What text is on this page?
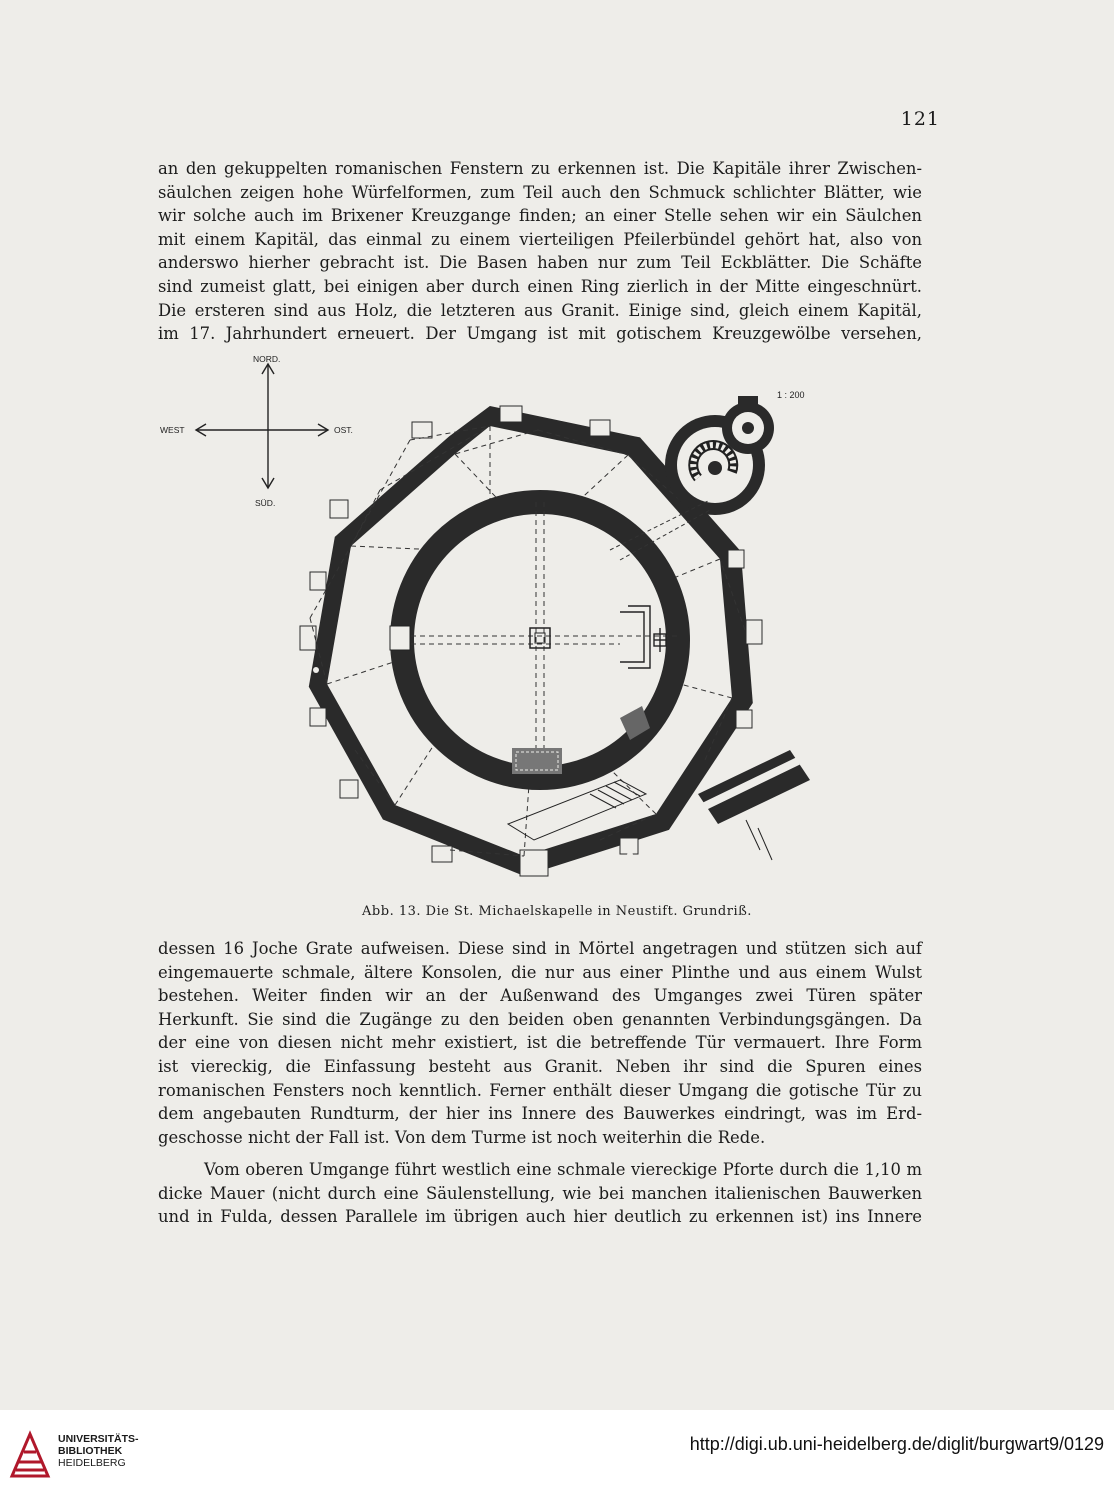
121
an den gekuppelten romanischen Fenstern zu erkennen ist. Die Kapitäle ihrer Zwischen-
säulchen zeigen hohe Würfelformen, zum Teil auch den Schmuck schlichter Blätter, wie
wir solche auch im Brixener Kreuzgange finden; an einer Stelle sehen wir ein Säulchen
mit einem Kapitäl, das einmal zu einem vierteiligen Pfeilerbündel gehört hat, also von
anderswo hierher gebracht ist. Die Basen haben nur zum Teil Eckblätter. Die Schäfte
sind zumeist glatt, bei einigen aber durch einen Ring zierlich in der Mitte eingeschnürt.
Die ersteren sind aus Holz, die letzteren aus Granit. Einige sind, gleich einem Kapitäl,
im 17. Jahrhundert erneuert. Der Umgang ist mit gotischem Kreuzgewölbe versehen,
NORD.
WEST	OST.
SÜD.
1 : 200
Abb. 13. Die St. Michaelskapelle in Neustift. Grundriß.
dessen 16 Joche Grate aufweisen. Diese sind in Mörtel angetragen und stützen sich auf
eingemauerte schmale, ältere Konsolen, die nur aus einer Plinthe und aus einem Wulst
bestehen. Weiter finden wir an der Außenwand des Umganges zwei Türen später
Herkunft. Sie sind die Zugänge zu den beiden oben genannten Verbindungsgängen. Da
der eine von diesen nicht mehr existiert, ist die betreffende Tür vermauert. Ihre Form
ist viereckig, die Einfassung besteht aus Granit. Neben ihr sind die Spuren eines
romanischen Fensters noch kenntlich. Ferner enthält dieser Umgang die gotische Tür zu
dem angebauten Rundturm, der hier ins Innere des Bauwerkes eindringt, was im Erd-
geschosse nicht der Fall ist. Von dem Turme ist noch weiterhin die Rede.
Vom oberen Umgange führt westlich eine schmale viereckige Pforte durch die 1,10 m
dicke Mauer (nicht durch eine Säulenstellung, wie bei manchen italienischen Bauwerken
und in Fulda, dessen Parallele im übrigen auch hier deutlich zu erkennen ist) ins Innere
UNIVERSITÄTS-
BIBLIOTHEK
HEIDELBERG
http://digi.ub.uni-heidelberg.de/diglit/burgwart9/0129
